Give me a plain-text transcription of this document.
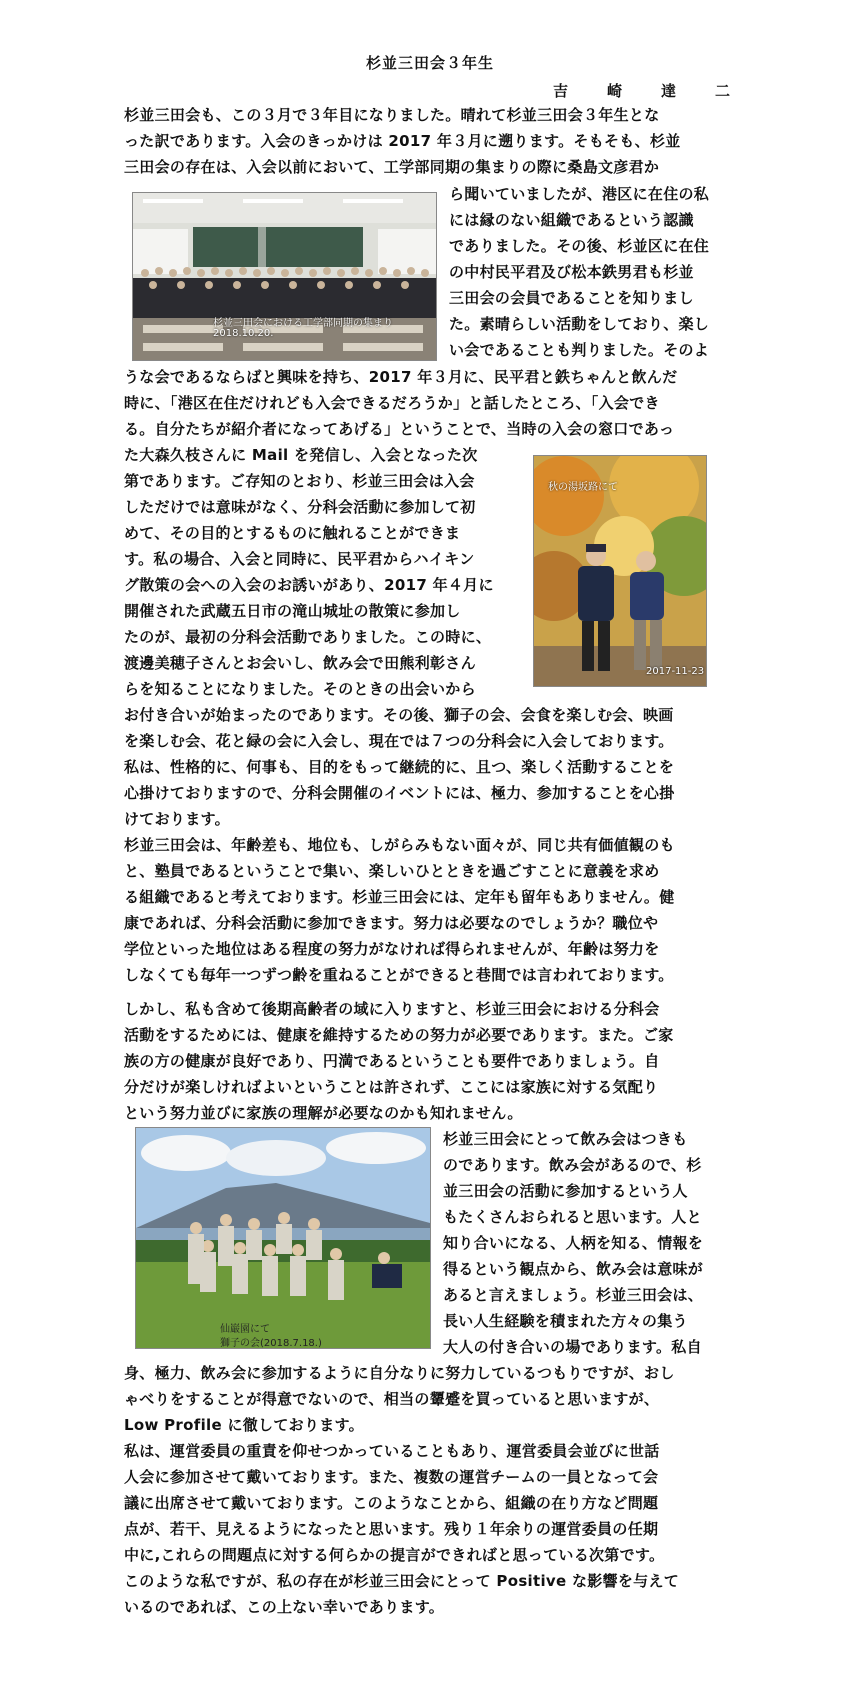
杉並三田会３年生
吉　崎　達　二
杉並三田会における工学部同期の集まり
2018.10.20.
秋の湯坂路にて
2017-11-23
仙巌園にて
獅子の会(2018.7.18.)
杉並三田会も、この３月で３年目になりました。晴れて杉並三田会３年生とな
った訳であります。入会のきっかけは 2017 年３月に遡ります。そもそも、杉並
三田会の存在は、入会以前において、工学部同期の集まりの際に桑島文彦君か
ら聞いていましたが、港区に在住の私
には縁のない組織であるという認識
でありました。その後、杉並区に在住
の中村民平君及び松本鉄男君も杉並
三田会の会員であることを知りまし
た。素晴らしい活動をしており、楽し
い会であることも判りました。そのよ
うな会であるならばと興味を持ち、2017 年３月に、民平君と鉄ちゃんと飲んだ
時に、「港区在住だけれども入会できるだろうか」と話したところ、「入会でき
る。自分たちが紹介者になってあげる」ということで、当時の入会の窓口であっ
た大森久枝さんに Mail を発信し、入会となった次
第であります。ご存知のとおり、杉並三田会は入会
しただけでは意味がなく、分科会活動に参加して初
めて、その目的とするものに触れることができま
す。私の場合、入会と同時に、民平君からハイキン
グ散策の会への入会のお誘いがあり、2017 年４月に
開催された武蔵五日市の滝山城址の散策に参加し
たのが、最初の分科会活動でありました。この時に、
渡邊美穂子さんとお会いし、飲み会で田熊利彰さん
らを知ることになりました。そのときの出会いから
お付き合いが始まったのであります。その後、獅子の会、会食を楽しむ会、映画
を楽しむ会、花と緑の会に入会し、現在では７つの分科会に入会しております。
私は、性格的に、何事も、目的をもって継続的に、且つ、楽しく活動することを
心掛けておりますので、分科会開催のイベントには、極力、参加することを心掛
けております。
杉並三田会は、年齢差も、地位も、しがらみもない面々が、同じ共有価値観のも
と、塾員であるということで集い、楽しいひとときを過ごすことに意義を求め
る組織であると考えております。杉並三田会には、定年も留年もありません。健
康であれば、分科会活動に参加できます。努力は必要なのでしょうか？職位や
学位といった地位はある程度の努力がなければ得られませんが、年齢は努力を
しなくても毎年一つずつ齢を重ねることができると巷間では言われております。
しかし、私も含めて後期高齢者の域に入りますと、杉並三田会における分科会
活動をするためには、健康を維持するための努力が必要であります。また。ご家
族の方の健康が良好であり、円満であるということも要件でありましょう。自
分だけが楽しければよいということは許されず、ここには家族に対する気配り
という努力並びに家族の理解が必要なのかも知れません。
杉並三田会にとって飲み会はつきも
のであります。飲み会があるので、杉
並三田会の活動に参加するという人
もたくさんおられると思います。人と
知り合いになる、人柄を知る、情報を
得るという観点から、飲み会は意味が
あると言えましょう。杉並三田会は、
長い人生経験を積まれた方々の集う
大人の付き合いの場であります。私自
身、極力、飲み会に参加するように自分なりに努力しているつもりですが、おし
ゃべりをすることが得意でないので、相当の顰蹙を買っていると思いますが、
Low Profile に徹しております。
私は、運営委員の重責を仰せつかっていることもあり、運営委員会並びに世話
人会に参加させて戴いております。また、複数の運営チームの一員となって会
議に出席させて戴いております。このようなことから、組織の在り方など問題
点が、若干、見えるようになったと思います。残り１年余りの運営委員の任期
中に,これらの問題点に対する何らかの提言ができればと思っている次第です。
このような私ですが、私の存在が杉並三田会にとって Positive な影響を与えて
いるのであれば、この上ない幸いであります。
